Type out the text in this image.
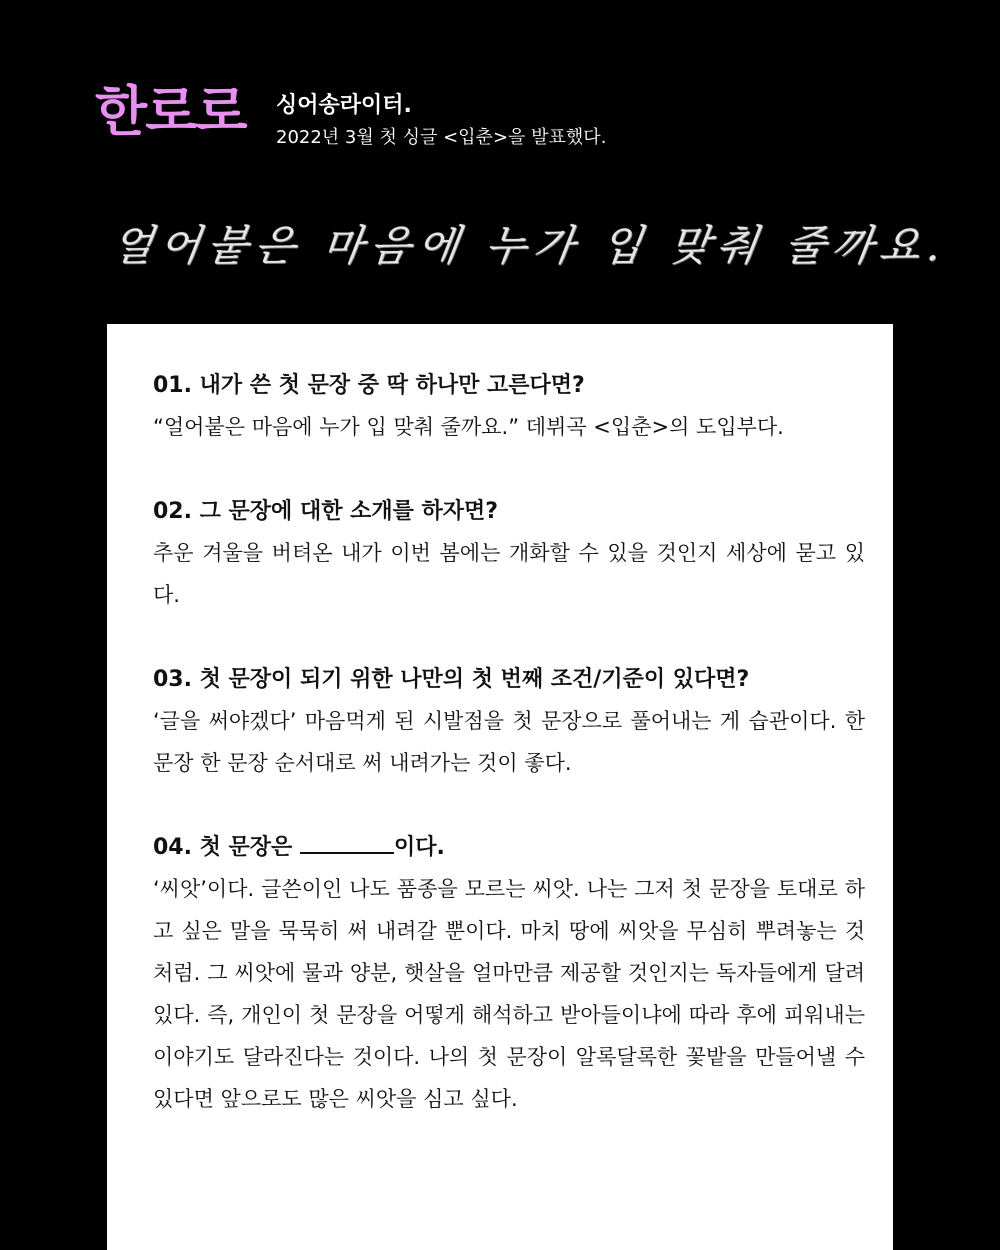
한로로 싱어송라이터.
2022년 3월 첫 싱글 <입춘>을 발표했다.
얼어붙은 마음에 누가 입 맞춰 줄까요.

01. 내가 쓴 첫 문장 중 딱 하나만 고른다면?

“얼어붙은 마음에 누가 입 맞춰 줄까요.” 데뷔곡 <입춘>의 도입부다.

02. 그 문장에 대한 소개를 하자면?

추운 겨울을 버텨온 내가 이번 봄에는 개화할 수 있을 것인지 세상에 묻고 있다.

03. 첫 문장이 되기 위한 나만의 첫 번째 조건/기준이 있다면?

‘글을 써야겠다’ 마음먹게 된 시발점을 첫 문장으로 풀어내는 게 습관이다. 한 문장 한 문장 순서대로 써 내려가는 것이 좋다.

04. 첫 문장은	이다.

‘씨앗’이다. 글쓴이인 나도 품종을 모르는 씨앗. 나는 그저 첫 문장을 토대로 하고 싶은 말을 묵묵히 써 내려갈 뿐이다. 마치 땅에 씨앗을 무심히 뿌려놓는 것처럼. 그 씨앗에 물과 양분, 햇살을 얼마만큼 제공할 것인지는 독자들에게 달려있다. 즉, 개인이 첫 문장을 어떻게 해석하고 받아들이냐에 따라 후에 피워내는 이야기도 달라진다는 것이다. 나의 첫 문장이 알록달록한 꽃밭을 만들어낼 수 있다면 앞으로도 많은 씨앗을 심고 싶다.
